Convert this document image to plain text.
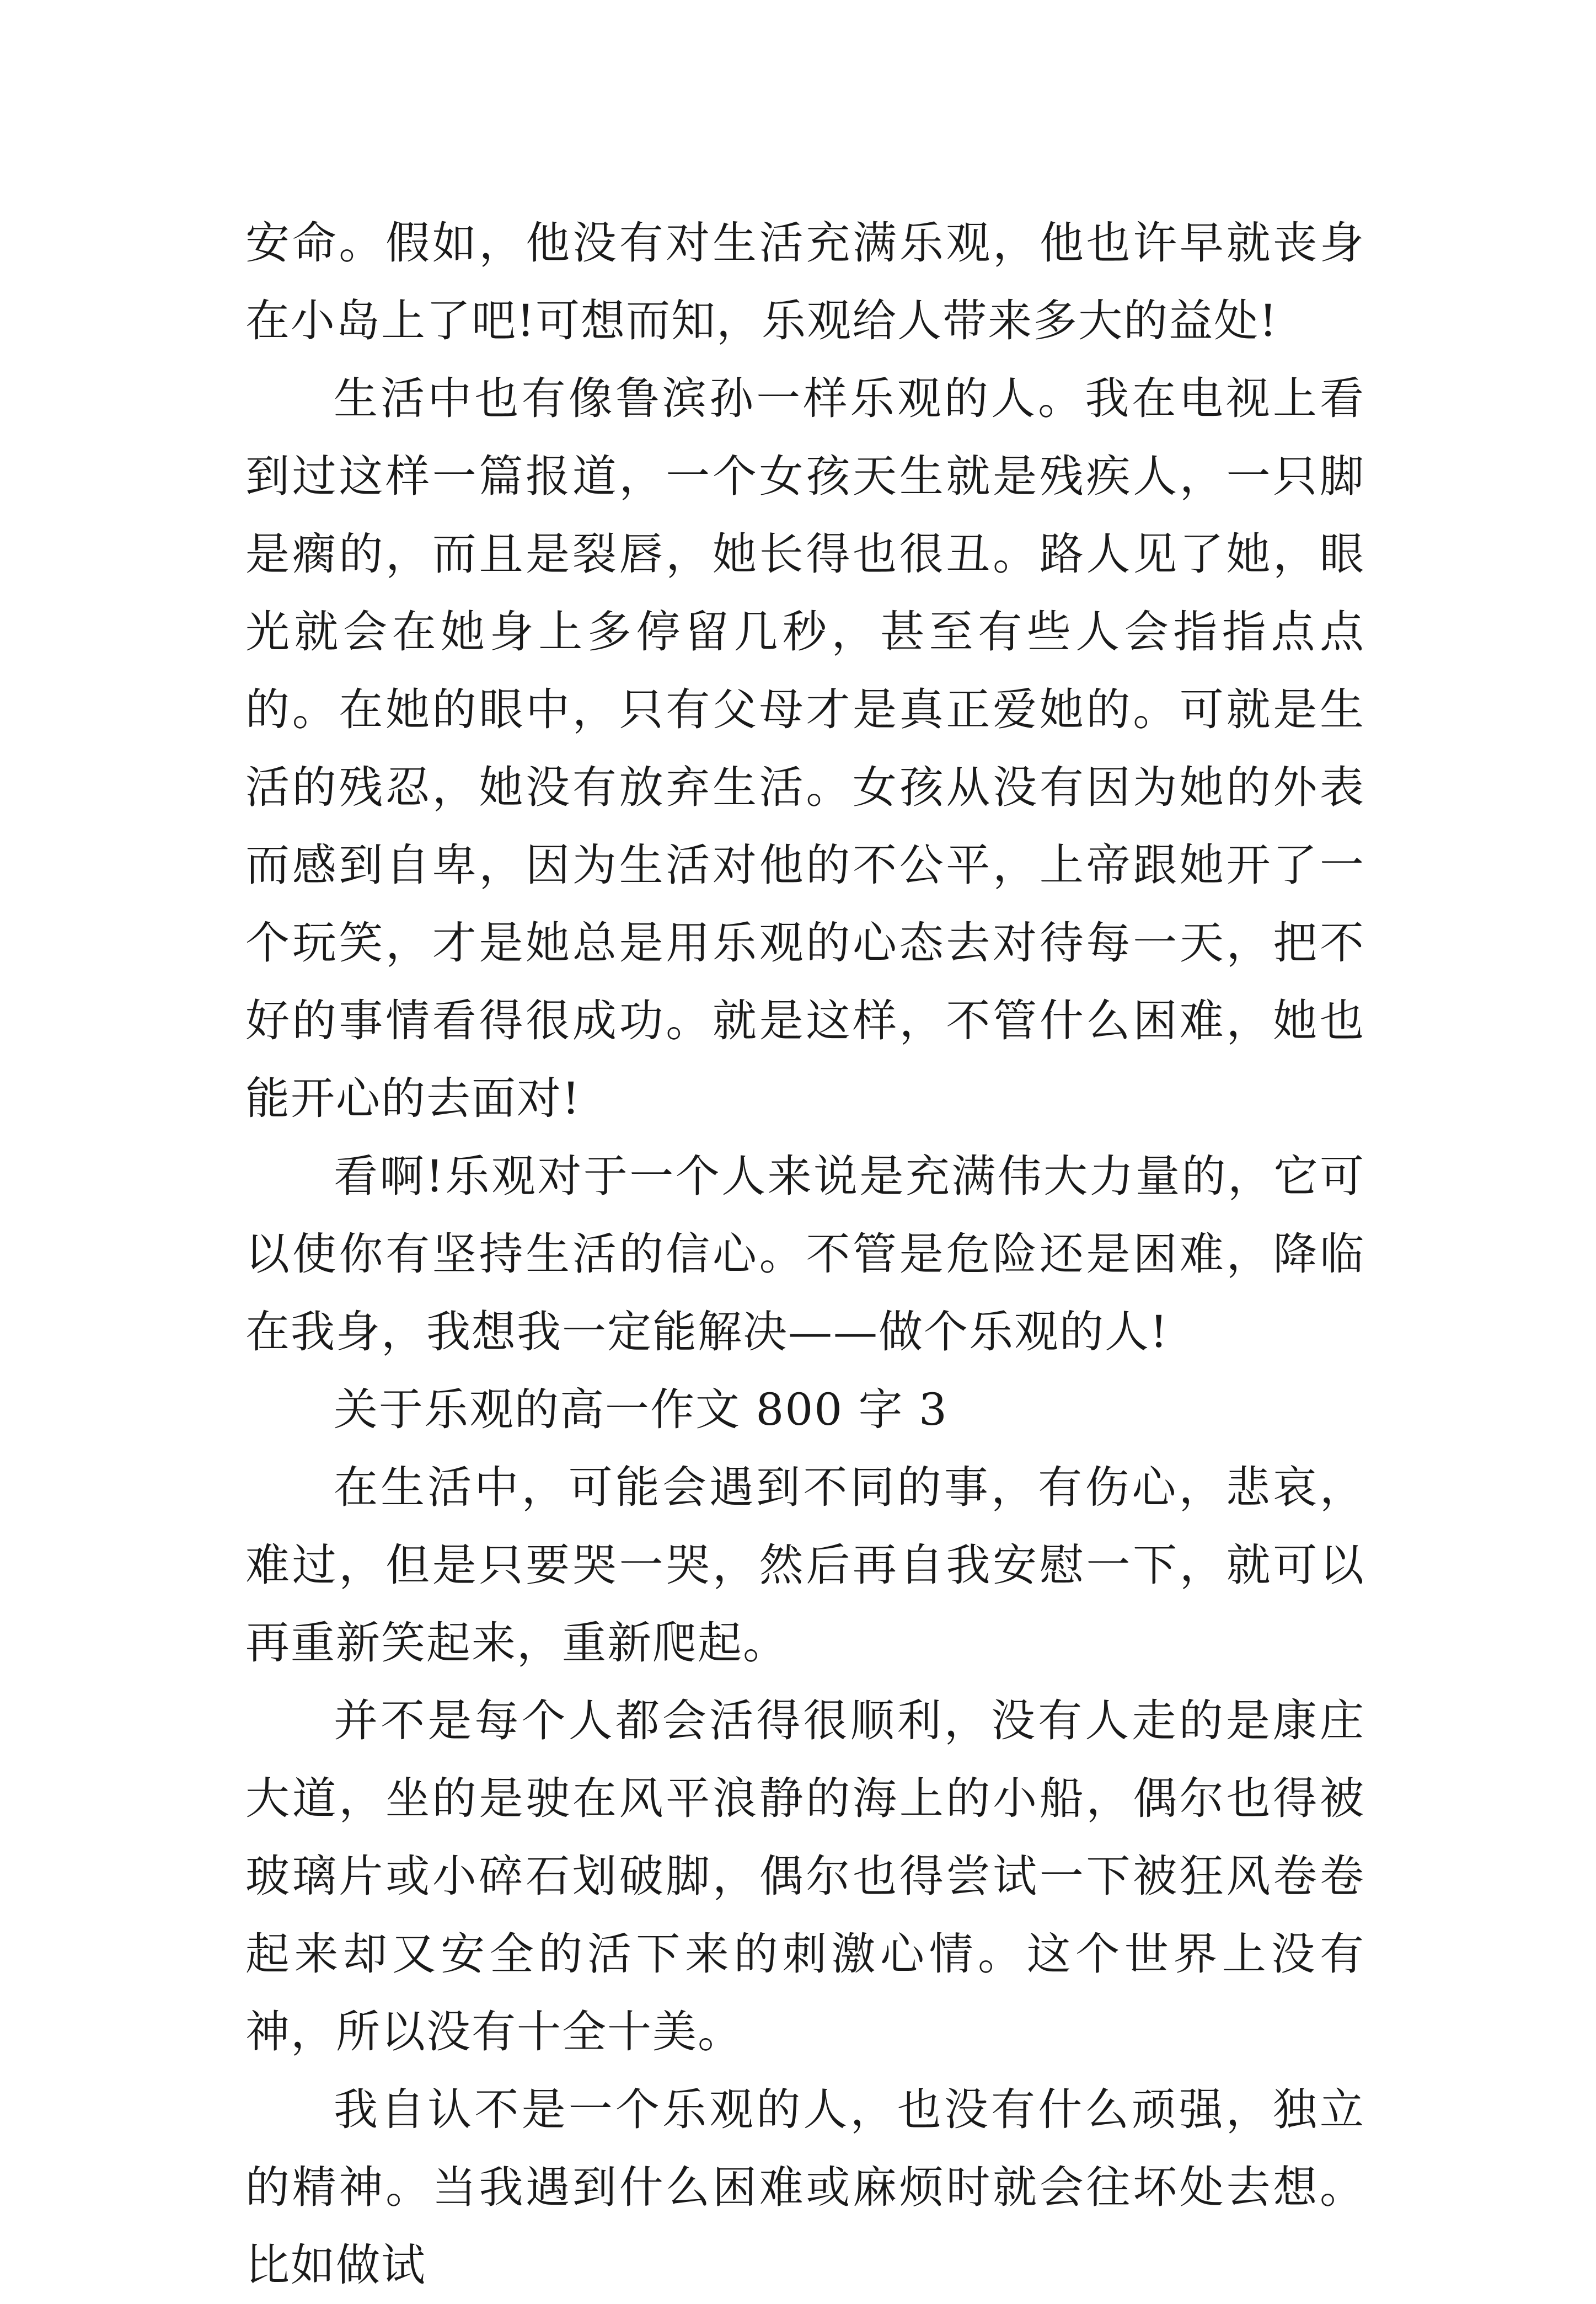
安命。假如，他没有对生活充满乐观，他也许早就丧身在小岛上了吧!可想而知，乐观给人带来多大的益处!

生活中也有像鲁滨孙一样乐观的人。我在电视上看到过这样一篇报道，一个女孩天生就是残疾人，一只脚是瘸的，而且是裂唇，她长得也很丑。路人见了她，眼光就会在她身上多停留几秒，甚至有些人会指指点点的。在她的眼中，只有父母才是真正爱她的。可就是生活的残忍，她没有放弃生活。女孩从没有因为她的外表而感到自卑，因为生活对他的不公平，上帝跟她开了一个玩笑，才是她总是用乐观的心态去对待每一天，把不好的事情看得很成功。就是这样，不管什么困难，她也能开心的去面对!

看啊!乐观对于一个人来说是充满伟大力量的，它可以使你有坚持生活的信心。不管是危险还是困难，降临在我身，我想我一定能解决——做个乐观的人!

关于乐观的高一作文 800 字 3

在生活中，可能会遇到不同的事，有伤心，悲哀，难过，但是只要哭一哭，然后再自我安慰一下，就可以再重新笑起来，重新爬起。

并不是每个人都会活得很顺利，没有人走的是康庄大道，坐的是驶在风平浪静的海上的小船，偶尔也得被玻璃片或小碎石划破脚，偶尔也得尝试一下被狂风卷卷起来却又安全的活下来的刺激心情。这个世界上没有神，所以没有十全十美。

我自认不是一个乐观的人，也没有什么顽强，独立的精神。当我遇到什么困难或麻烦时就会往坏处去想。比如做试
